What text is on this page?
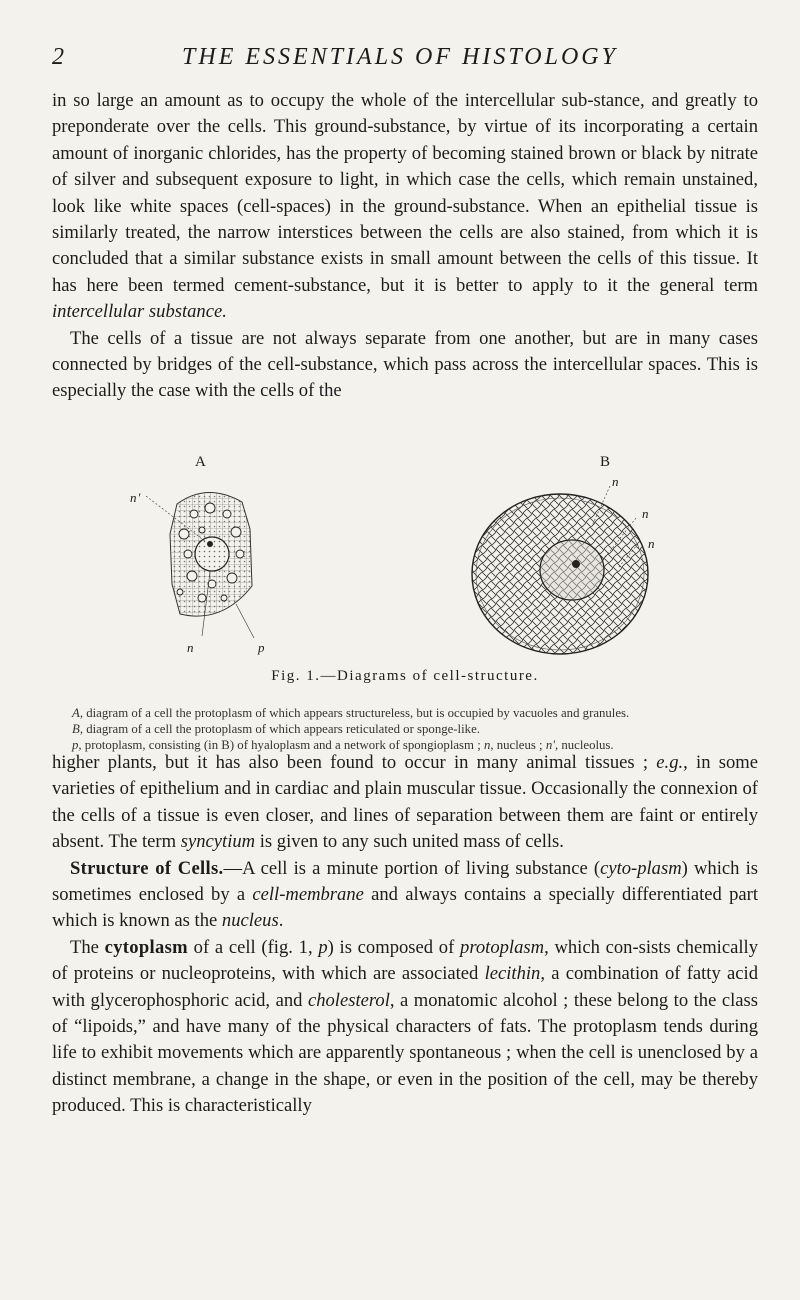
2	THE ESSENTIALS OF HISTOLOGY

in so large an amount as to occupy the whole of the intercellular sub-stance, and greatly to preponderate over the cells. This ground-substance, by virtue of its incorporating a certain amount of inorganic chlorides, has the property of becoming stained brown or black by nitrate of silver and subsequent exposure to light, in which case the cells, which remain unstained, look like white spaces (cell-spaces) in the ground-substance. When an epithelial tissue is similarly treated, the narrow interstices between the cells are also stained, from which it is concluded that a similar substance exists in small amount between the cells of this tissue. It has here been termed cement-substance, but it is better to apply to it the general term intercellular substance.

The cells of a tissue are not always separate from one another, but are in many cases connected by bridges of the cell-substance, which pass across the intercellular spaces. This is especially the case with the cells of the

A	B
n'
n	p
n
n
n
Fig. 1.—Diagrams of cell-structure.
A, diagram of a cell the protoplasm of which appears structureless, but is occupied by vacuoles and granules.
B, diagram of a cell the protoplasm of which appears reticulated or sponge-like.
p, protoplasm, consisting (in B) of hyaloplasm and a network of spongioplasm ; n, nucleus ; n', nucleolus.

higher plants, but it has also been found to occur in many animal tissues ; e.g., in some varieties of epithelium and in cardiac and plain muscular tissue. Occasionally the connexion of the cells of a tissue is even closer, and lines of separation between them are faint or entirely absent. The term syncytium is given to any such united mass of cells.

Structure of Cells.—A cell is a minute portion of living substance (cyto-plasm) which is sometimes enclosed by a cell-membrane and always contains a specially differentiated part which is known as the nucleus.

The cytoplasm of a cell (fig. 1, p) is composed of protoplasm, which con-sists chemically of proteins or nucleoproteins, with which are associated lecithin, a combination of fatty acid with glycerophosphoric acid, and cholesterol, a monatomic alcohol ; these belong to the class of “lipoids,” and have many of the physical characters of fats. The protoplasm tends during life to exhibit movements which are apparently spontaneous ; when the cell is unenclosed by a distinct membrane, a change in the shape, or even in the position of the cell, may be thereby produced. This is characteristically
